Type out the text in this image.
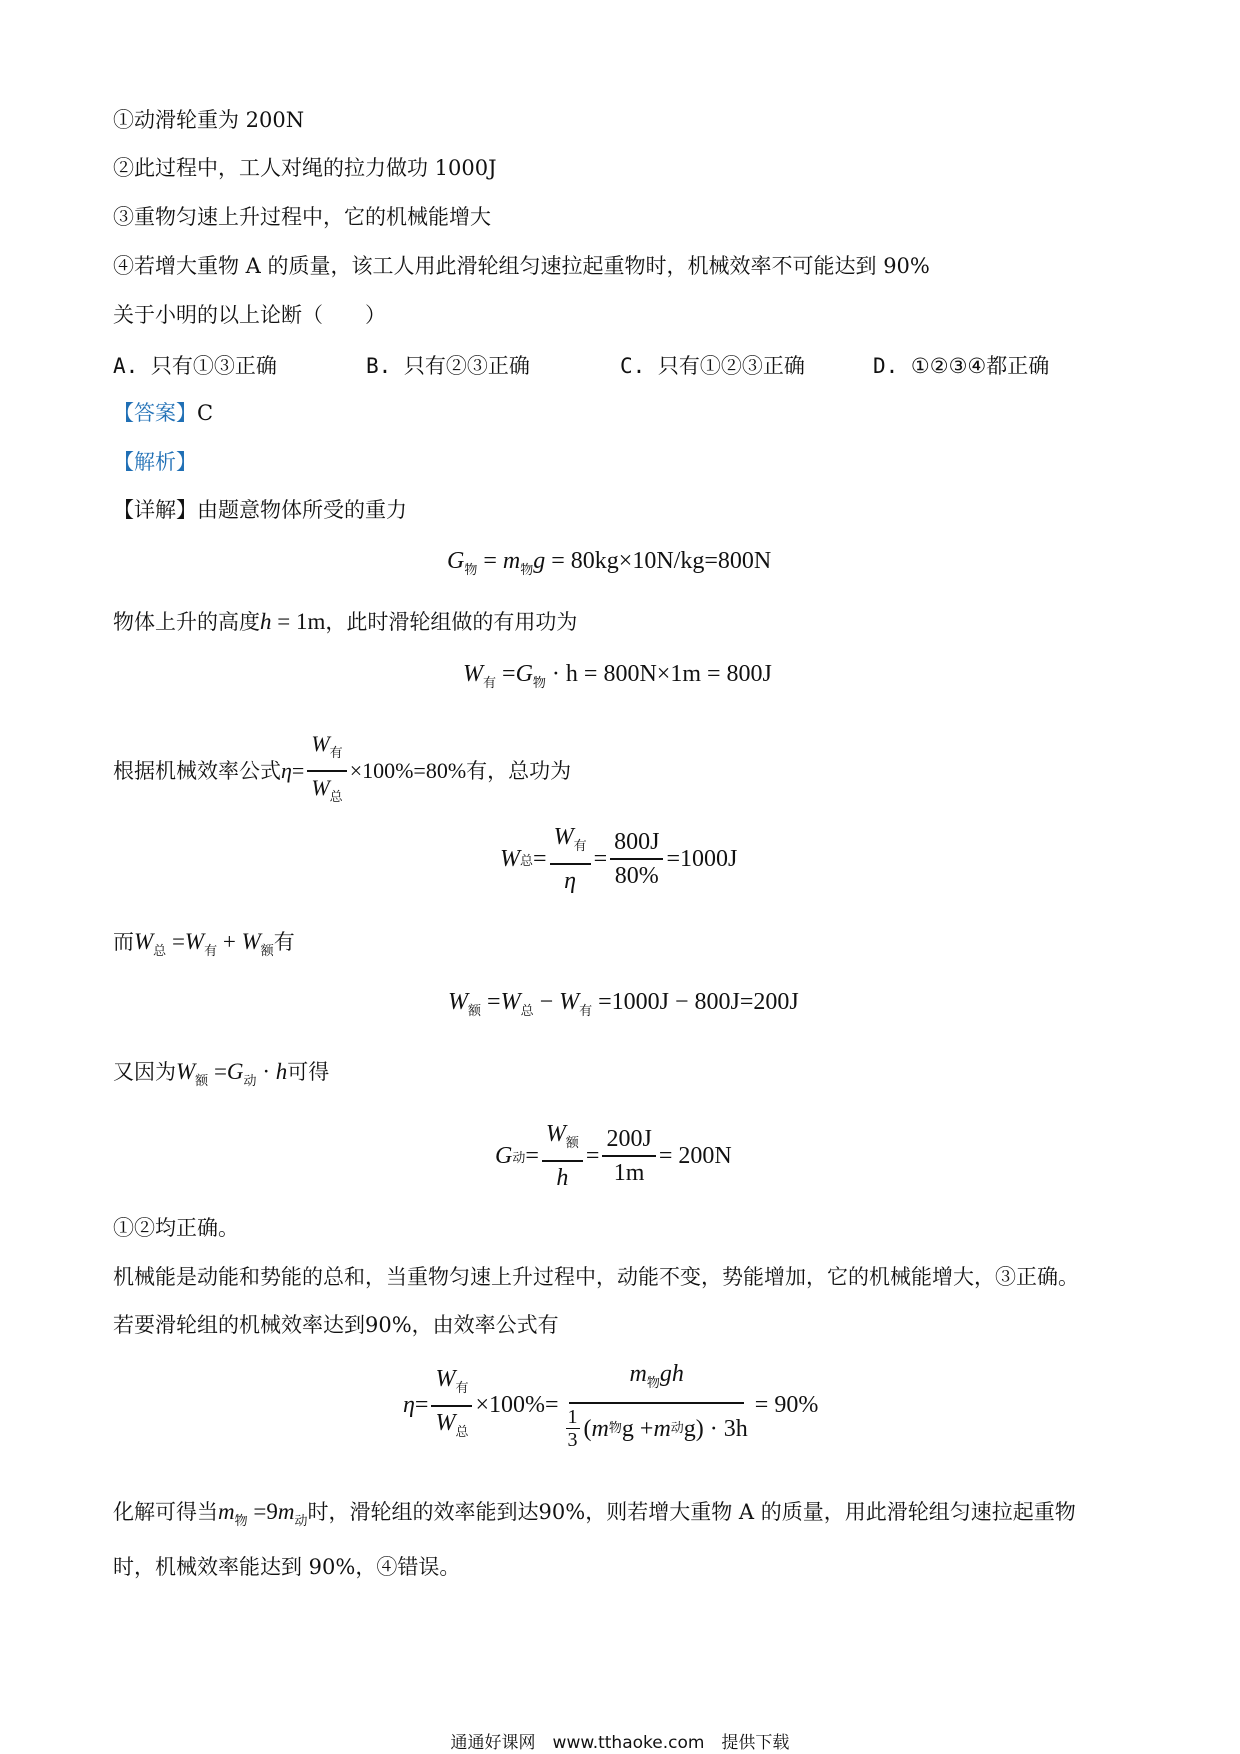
①动滑轮重为 200N
②此过程中，工人对绳的拉力做功 1000J
③重物匀速上升过程中，它的机械能增大
④若增大重物 A 的质量，该工人用此滑轮组匀速拉起重物时，机械效率不可能达到 90%
关于小明的以上论断（　　）
A. 只有①③正确	B. 只有②③正确	C. 只有①②③正确	D. ①②③④都正确
【答案】C
【解析】
【详解】由题意物体所受的重力
$G_物 = m_物g = 80kg\times 10N/kg=800N$
物体上升的高度h = 1m，此时滑轮组做的有用功为
$W_有 =G_物 \cdot h = 800N\times 1m = 800J$
根据机械效率公式 $\eta = \frac{W_有}{W_总} \times 100\%=80\%$ 有，总功为
W 总 = $\frac{W_有}{\eta} = \frac{800J}{80\%} =1000J$
而$W_总 =W_有 + W_额$有
$W_额 =W_总 - W_有 =1000J - 800J=200J$
又因为$W_额 =G_动 \cdot h$可得
G 动 = $\frac{W_额}{h} = \frac{200J}{1m} = 200N$
①②均正确。
机械能是动能和势能的总和，当重物匀速上升过程中，动能不变，势能增加，它的机械能增大，③正确。
若要滑轮组的机械效率达到90%，由效率公式有
$\eta = \frac{W_有}{W_总} \times 100\%= \frac{m_物gh}{\frac{1}{3} ( m 物 g + m 动 g) \cdot 3h} = 90\%$
化解可得当$m_物 =9m_动$时，滑轮组的效率能到达90%，则若增大重物 A 的质量，用此滑轮组匀速拉起重物
时，机械效率能达到 90%，④错误。
通通好课网　www.tthaoke.com　提供下载
